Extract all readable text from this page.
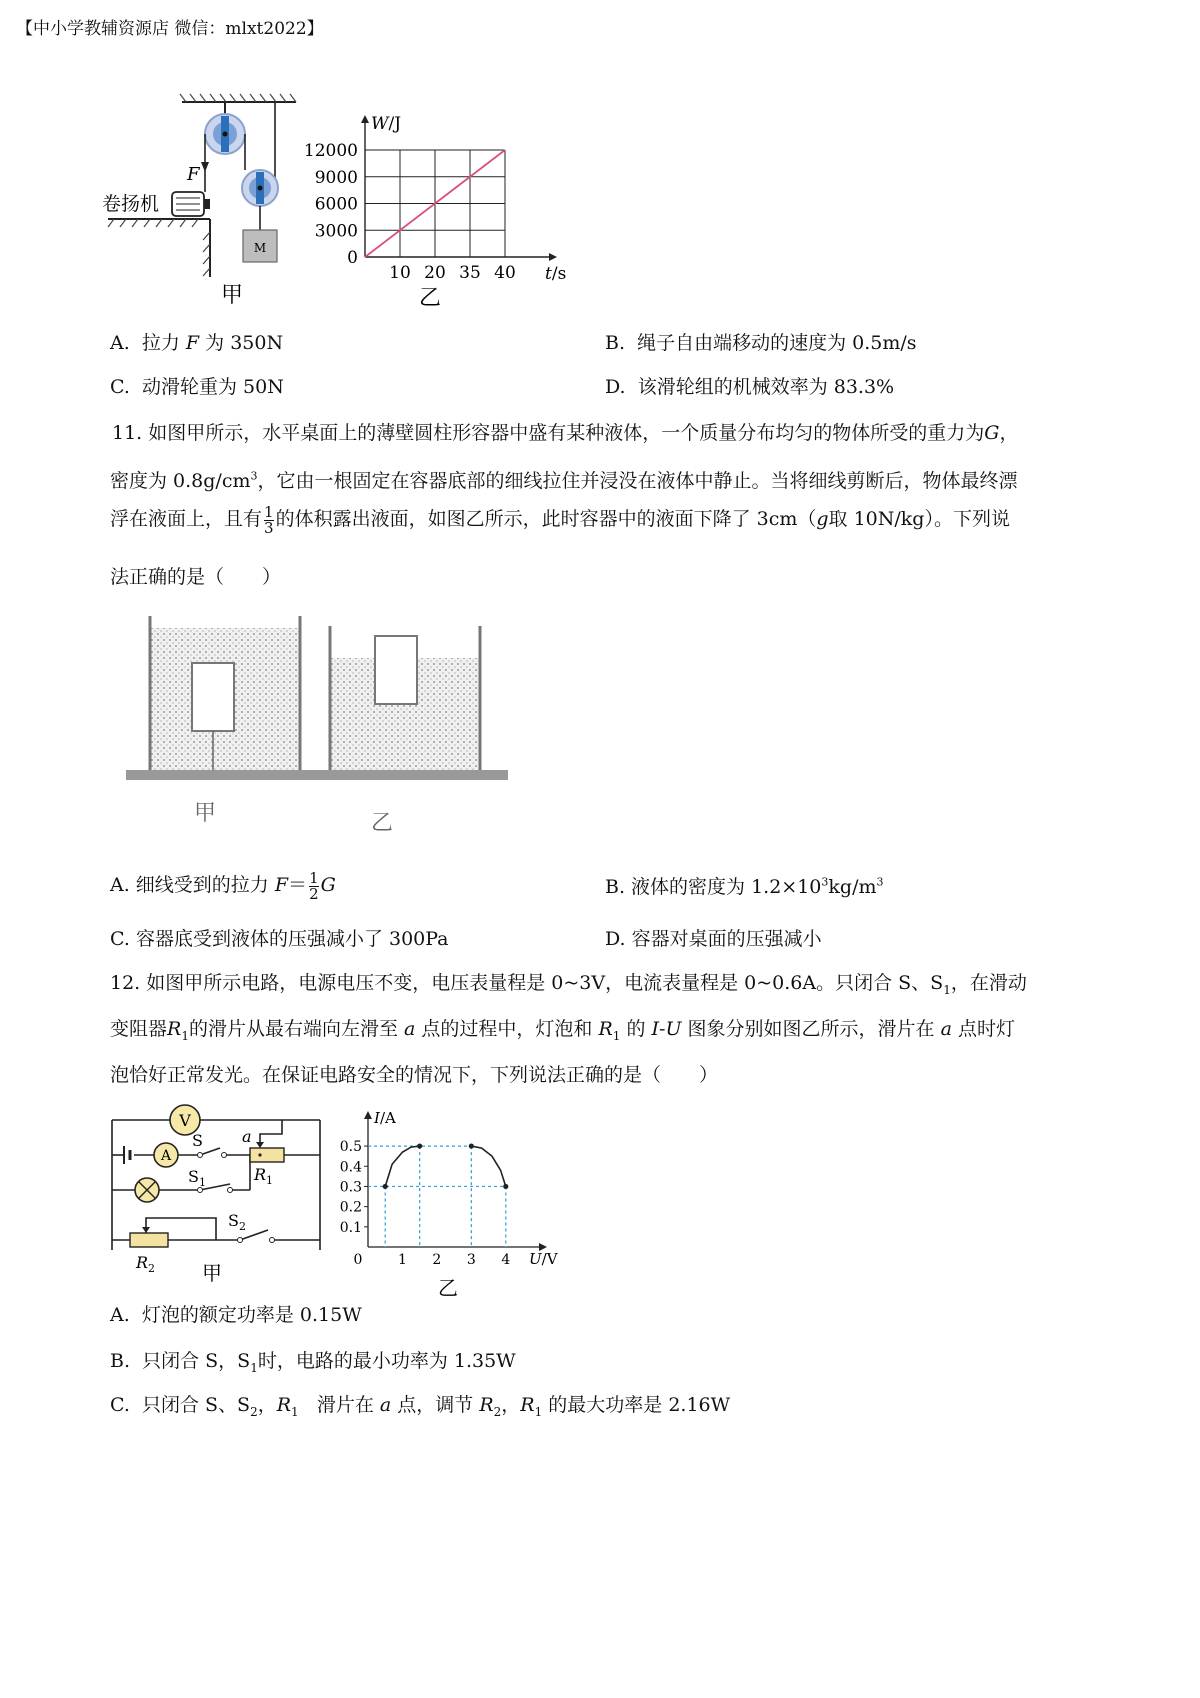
【中小学教辅资源店 微信：mlxt2022】
M
F
卷扬机
甲
0
3000
6000
9000
12000
10 20 35 40
W/J
t/s
乙
A. 拉力 F 为 350N	B. 绳子自由端移动的速度为 0.5m/s
C. 动滑轮重为 50N	D. 该滑轮组的机械效率为 83.3%
11. 如图甲所示，水平桌面上的薄壁圆柱形容器中盛有某种液体，一个质量分布均匀的物体所受的重力为G，
密度为 $0.8g/cm^3$，它由一根固定在容器底部的细线拉住并浸没在液体中静止。当将细线剪断后，物体最终漂
浮在液面上，且有 $\frac{1}{3}$ 的体积露出液面，如图乙所示，此时容器中的液面下降了 3cm（g取 10N/kg）。下列说
法正确的是（　　）
甲	乙
A. 细线受到的拉力 $F= \frac{1}{2}$ G	B. 液体的密度为 $1.2\times 10^3kg/m^3$
C. 容器底受到液体的压强减小了 300Pa	D. 容器对桌面的压强减小
12. 如图甲所示电路，电源电压不变，电压表量程是 0~3V，电流表量程是 0~0.6A。只闭合 S、$S_1$，在滑动
变阻器$R_1$的滑片从最右端向左滑至 a 点的过程中，灯泡和 $R_1$ 的 I-U 图象分别如图乙所示，滑片在 a 点时灯
泡恰好正常发光。在保证电路安全的情况下，下列说法正确的是（　　）
V
A
S a
$R_1$
$S_1$
$S_2$
$R_2$ 甲
0.1
0.2
0.3
0.4
0.5
0	1 2 3 4
I/A
U/V
乙
A. 灯泡的额定功率是 0.15W
B. 只闭合 S，$S_1$时，电路的最小功率为 1.35W
C. 只闭合 S、$S_2$，$R_1$ 滑片在 a 点，调节 $R_2$，$R_1$ 的最大功率是 2.16W
